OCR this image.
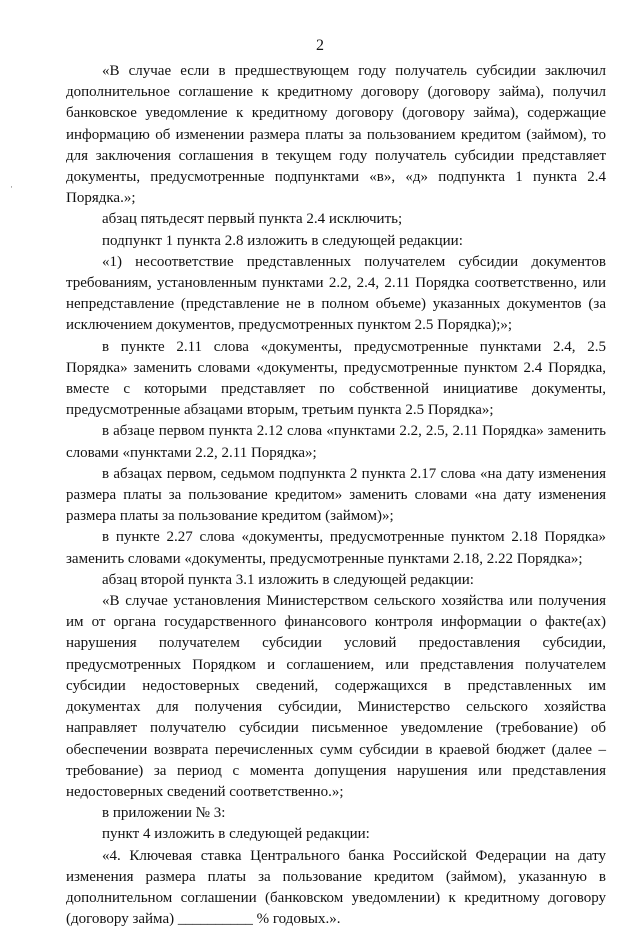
2
·

«В случае если в предшествующем году получатель субсидии заключил дополнительное соглашение к кредитному договору (договору займа), получил банковское уведомление к кредитному договору (договору займа), содержащие информацию об изменении размера платы за пользованием кредитом (займом), то для заключения соглашения в текущем году получатель субсидии представляет документы, предусмотренные подпунктами «в», «д» подпункта 1 пункта 2.4 Порядка.»;

абзац пятьдесят первый пункта 2.4 исключить;

подпункт 1 пункта 2.8 изложить в следующей редакции:

«1) несоответствие представленных получателем субсидии документов требованиям, установленным пунктами 2.2, 2.4, 2.11 Порядка соответственно, или непредставление (представление не в полном объеме) указанных документов (за исключением документов, предусмотренных пунктом 2.5 Порядка);»;

в пункте 2.11 слова «документы, предусмотренные пунктами 2.4, 2.5 Порядка» заменить словами «документы, предусмотренные пунктом 2.4 Порядка, вместе с которыми представляет по собственной инициативе документы, предусмотренные абзацами вторым, третьим пункта 2.5 Порядка»;

в абзаце первом пункта 2.12 слова «пунктами 2.2, 2.5, 2.11 Порядка» заменить словами «пунктами 2.2, 2.11 Порядка»;

в абзацах первом, седьмом подпункта 2 пункта 2.17 слова «на дату изменения размера платы за пользование кредитом» заменить словами «на дату изменения размера платы за пользование кредитом (займом)»;

в пункте 2.27 слова «документы, предусмотренные пунктом 2.18 Порядка» заменить словами «документы, предусмотренные пунктами 2.18, 2.22 Порядка»;

абзац второй пункта 3.1 изложить в следующей редакции:

«В случае установления Министерством сельского хозяйства или получения им от органа государственного финансового контроля информации о факте(ах) нарушения получателем субсидии условий предоставления субсидии, предусмотренных Порядком и соглашением, или представления получателем субсидии недостоверных сведений, содержащихся в представленных им документах для получения субсидии, Министерство сельского хозяйства направляет получателю субсидии письменное уведомление (требование) об обеспечении возврата перечисленных сумм субсидии в краевой бюджет (далее – требование) за период с момента допущения нарушения или представления недостоверных сведений соответственно.»;

в приложении № 3:

пункт 4 изложить в следующей редакции:

«4. Ключевая ставка Центрального банка Российской Федерации на дату изменения размера платы за пользование кредитом (займом), указанную в дополнительном соглашении (банковском уведомлении) к кредитному договору (договору займа) __________ % годовых.».
